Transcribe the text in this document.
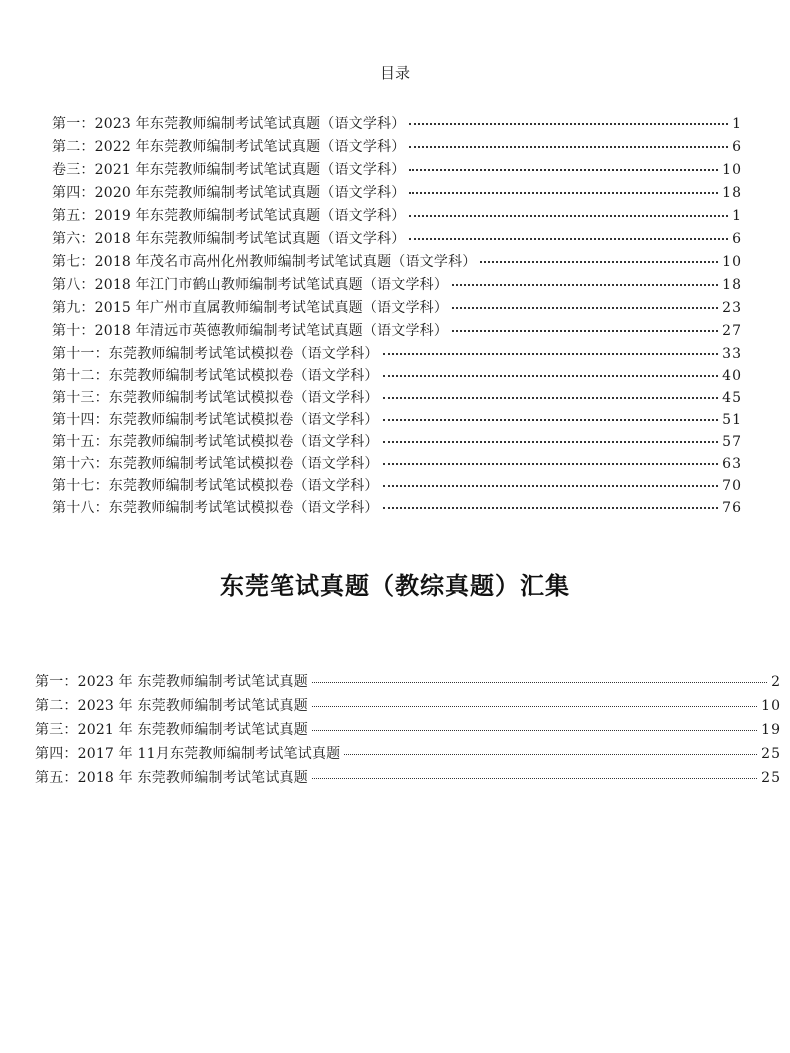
目录
第一：2023 年东莞教师编制考试笔试真题（语文学科）	1
第二：2022 年东莞教师编制考试笔试真题（语文学科）	6
卷三：2021 年东莞教师编制考试笔试真题（语文学科）	10
第四：2020 年东莞教师编制考试笔试真题（语文学科）	18
第五：2019 年东莞教师编制考试笔试真题（语文学科）	1
第六：2018 年东莞教师编制考试笔试真题（语文学科）	6
第七：2018 年茂名市高州化州教师编制考试笔试真题（语文学科）	10
第八：2018 年江门市鹤山教师编制考试笔试真题（语文学科）	18
第九：2015 年广州市直属教师编制考试笔试真题（语文学科）	23
第十：2018 年清远市英德教师编制考试笔试真题（语文学科）	27
第十一：东莞教师编制考试笔试模拟卷（语文学科）	33
第十二：东莞教师编制考试笔试模拟卷（语文学科）	40
第十三：东莞教师编制考试笔试模拟卷（语文学科）	45
第十四：东莞教师编制考试笔试模拟卷（语文学科）	51
第十五：东莞教师编制考试笔试模拟卷（语文学科）	57
第十六：东莞教师编制考试笔试模拟卷（语文学科）	63
第十七：东莞教师编制考试笔试模拟卷（语文学科）	70
第十八：东莞教师编制考试笔试模拟卷（语文学科）	76
东莞笔试真题（教综真题）汇集
第一：2023 年 东莞教师编制考试笔试真题	2
第二：2023 年 东莞教师编制考试笔试真题	10
第三：2021 年 东莞教师编制考试笔试真题	19
第四：2017 年 11月东莞教师编制考试笔试真题	25
第五：2018 年 东莞教师编制考试笔试真题	25
